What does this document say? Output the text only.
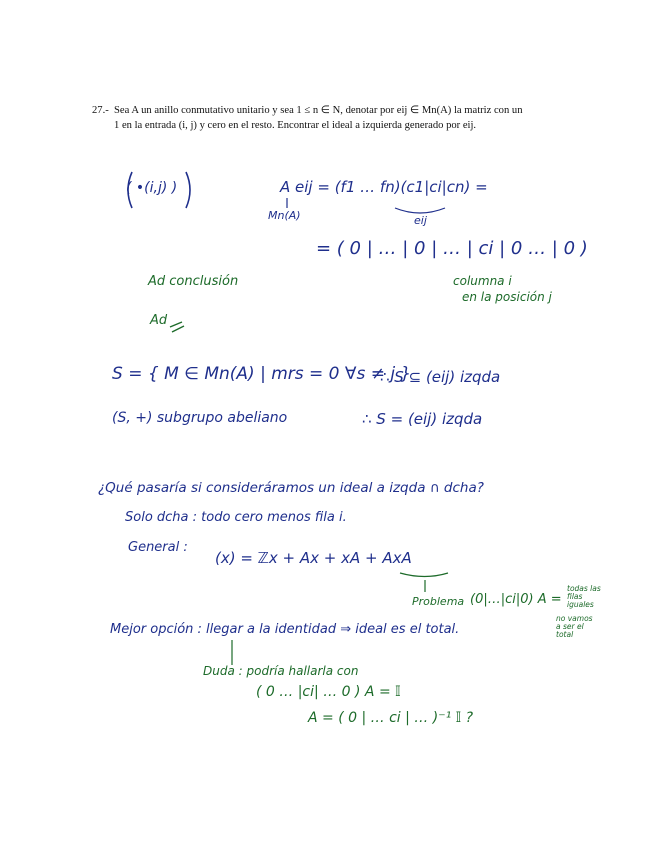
27.- Sea A un anillo conmutativo unitario y sea 1 ≤ n ∈ N, denotar por eij ∈ Mn(A) la matriz con un 1 en la entrada (i, j) y cero en el resto. Encontrar el ideal a izquierda generado por eij.
( •(i,j) )	A eij = (f1 … fn)(c1|ci|cn) =
Mn(A)	eij
= ( 0 | … | 0 | … | ci | 0 … | 0 )
Ad conclusión	columna i
en la posición j
Ad
S = { M ∈ Mn(A) | mrs = 0 ∀s ≠ j }
∴ S ⊆ (eij) izqda
(S, +) subgrupo abeliano	∴ S = (eij) izqda
¿Qué pasaría si consideráramos un ideal a izqda ∩ dcha?
Solo dcha : todo cero menos fila i.
General :
(x) = ℤx + Ax + xA + AxA
Problema (0|…|ci|0) A =
todas las filas iguales
Mejor opción : llegar a la identidad ⇒ ideal es el total.
no vamos a ser el total
Duda : podría hallarla con
( 0 … |ci| … 0 ) A = 𝕀
A = ( 0 | … ci | … )⁻¹ 𝕀 ?
